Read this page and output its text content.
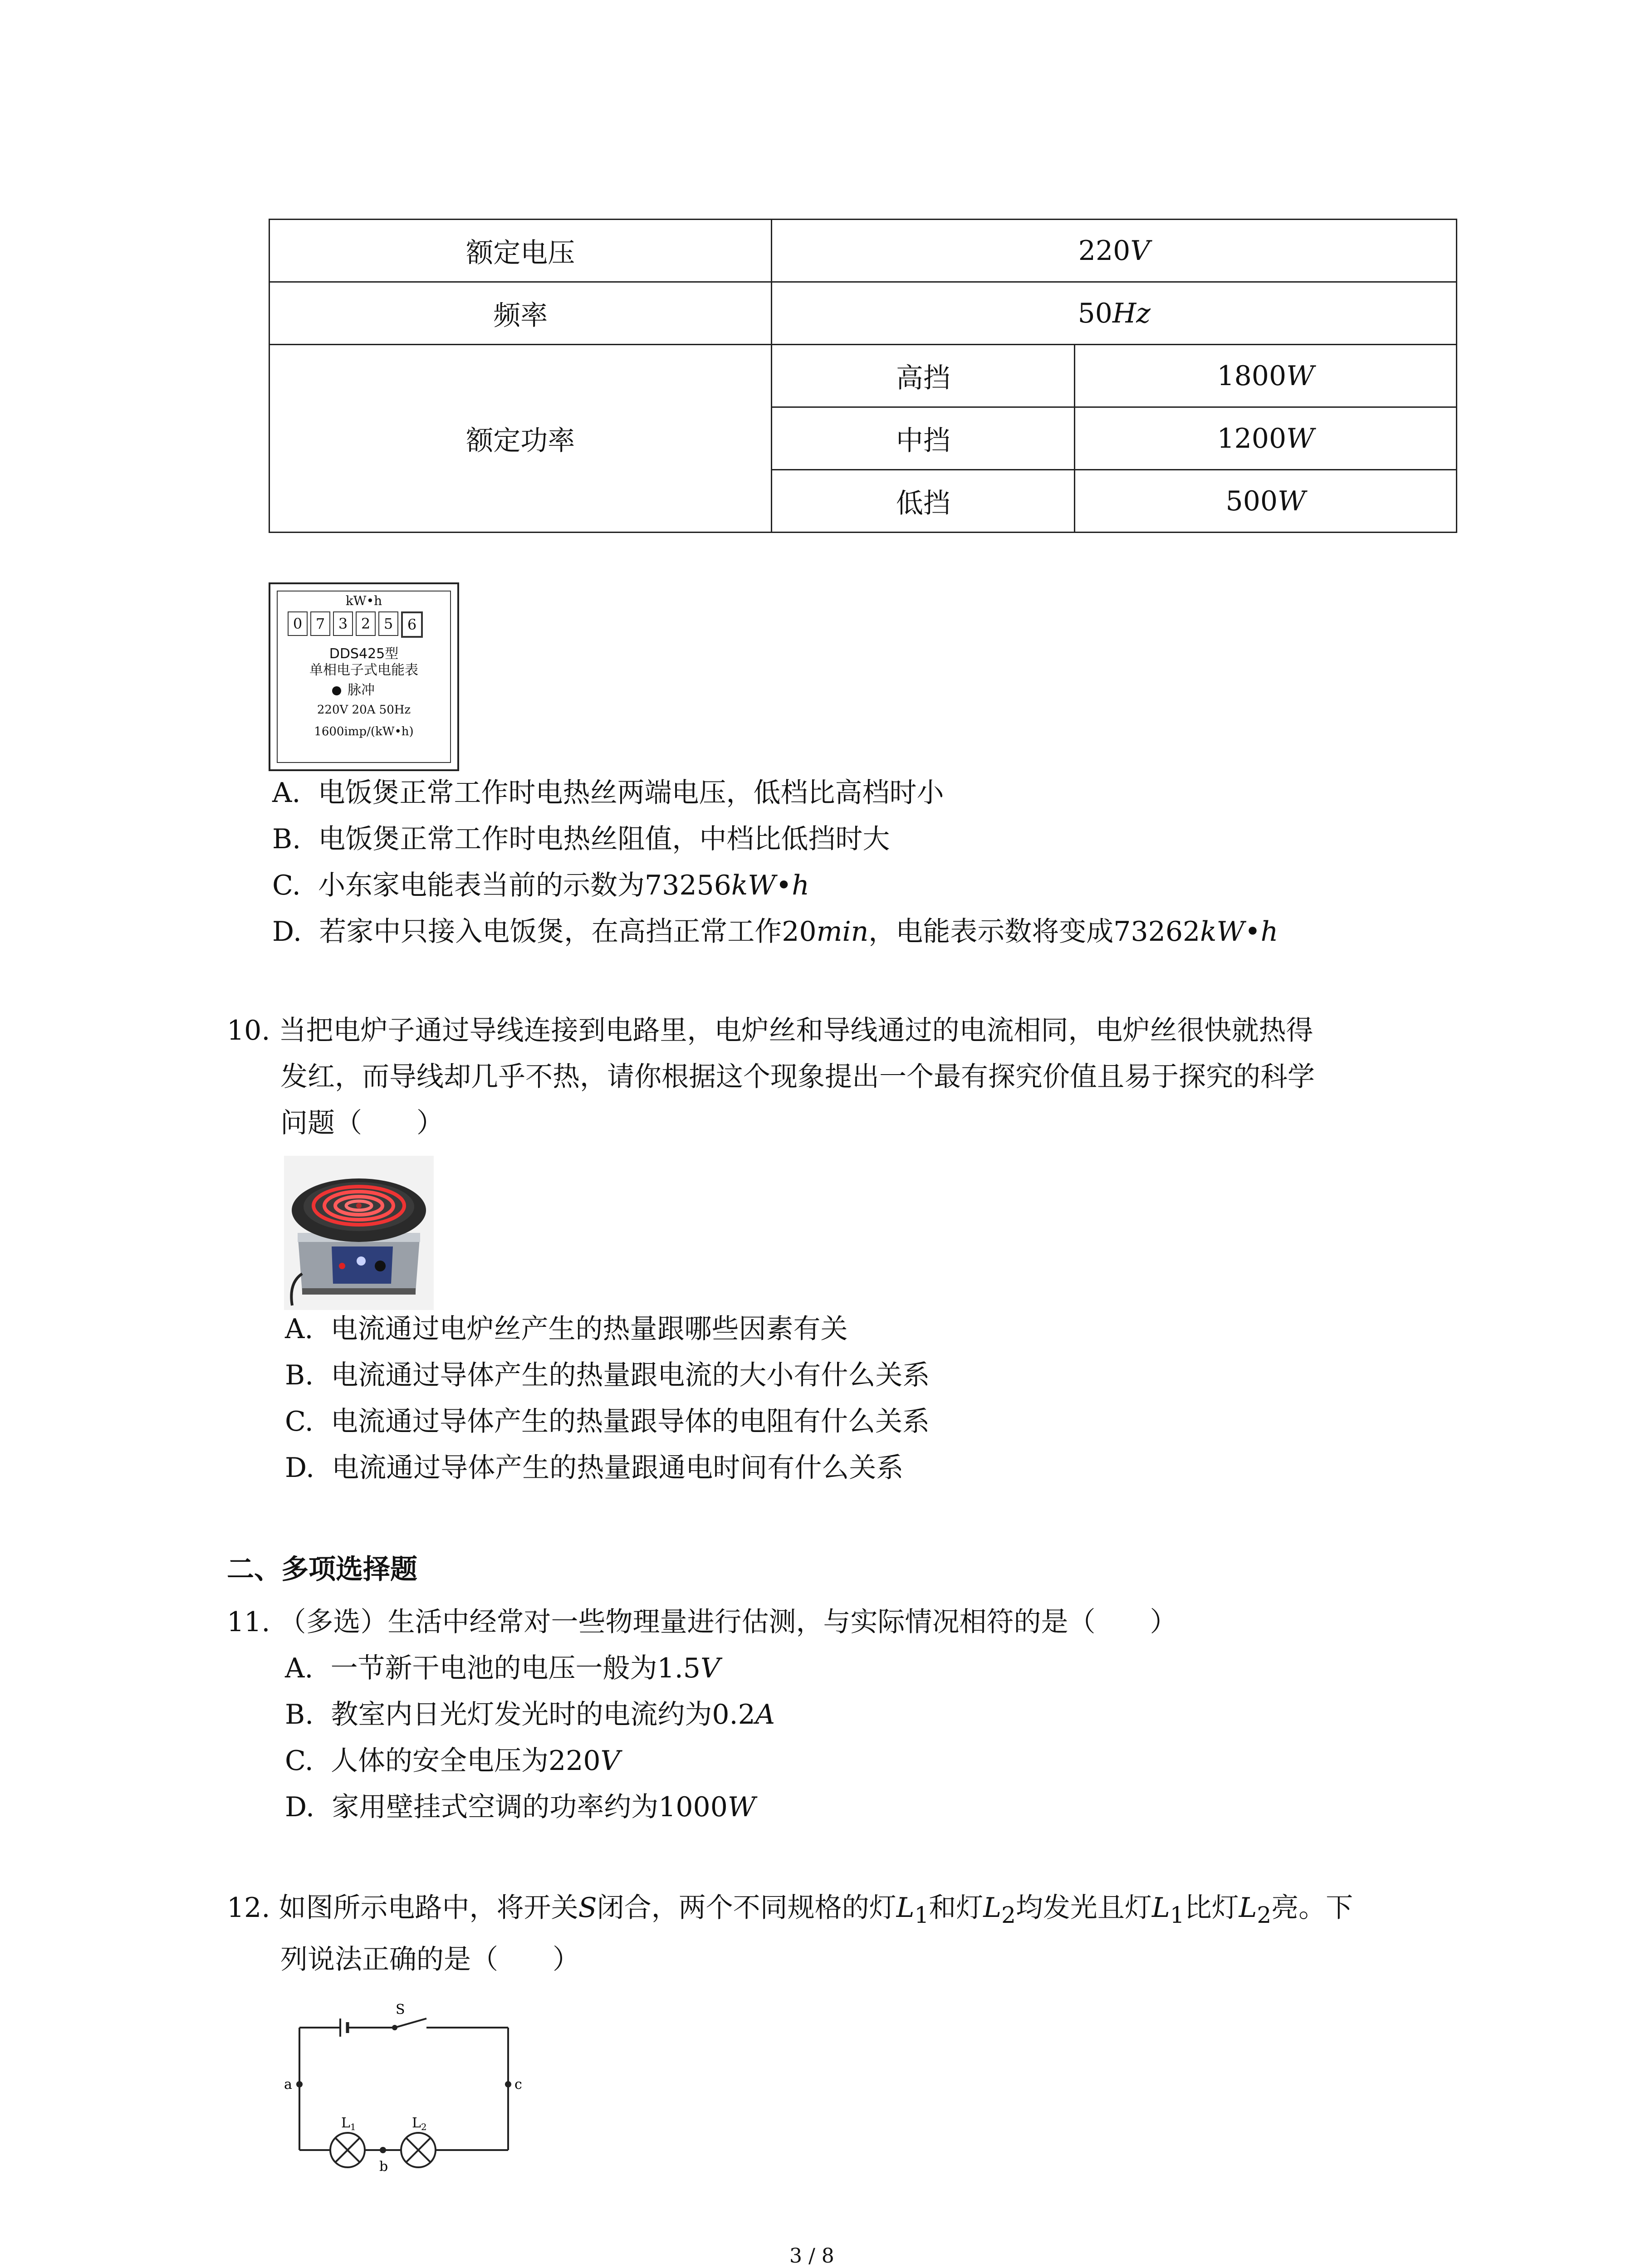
额定电压	220V	
频率	50Hz	
额定功率	高挡	1800W
	中挡	1200W
	低挡	500W
kW•h
0 7 3 2 5 6
DDS425型
单相电子式电能表
脉冲
220V 20A 50Hz
1600imp/(kW•h)
A. 电饭煲正常工作时电热丝两端电压，低档比高档时小
B. 电饭煲正常工作时电热丝阻值，中档比低挡时大
C. 小东家电能表当前的示数为73256kW•h
D. 若家中只接入电饭煲，在高挡正常工作20min，电能表示数将变成73262kW•h
10. 当把电炉子通过导线连接到电路里，电炉丝和导线通过的电流相同，电炉丝很快就热得
发红，而导线却几乎不热，请你根据这个现象提出一个最有探究价值且易于探究的科学
问题（　　）
A. 电流通过电炉丝产生的热量跟哪些因素有关
B. 电流通过导体产生的热量跟电流的大小有什么关系
C. 电流通过导体产生的热量跟导体的电阻有什么关系
D. 电流通过导体产生的热量跟通电时间有什么关系
二、多项选择题
11. （多选）生活中经常对一些物理量进行估测，与实际情况相符的是（　　）
A. 一节新干电池的电压一般为1.5V
B. 教室内日光灯发光时的电流约为0.2A
C. 人体的安全电压为220V
D. 家用壁挂式空调的功率约为1000W
12. 如图所示电路中，将开关S闭合，两个不同规格的灯$L_1$和灯$L_2$均发光且灯$L_1$比灯$L_2$亮。下
列说法正确的是（　　）
S
a	c
b
$L_1$	$L_2$
3 / 8
